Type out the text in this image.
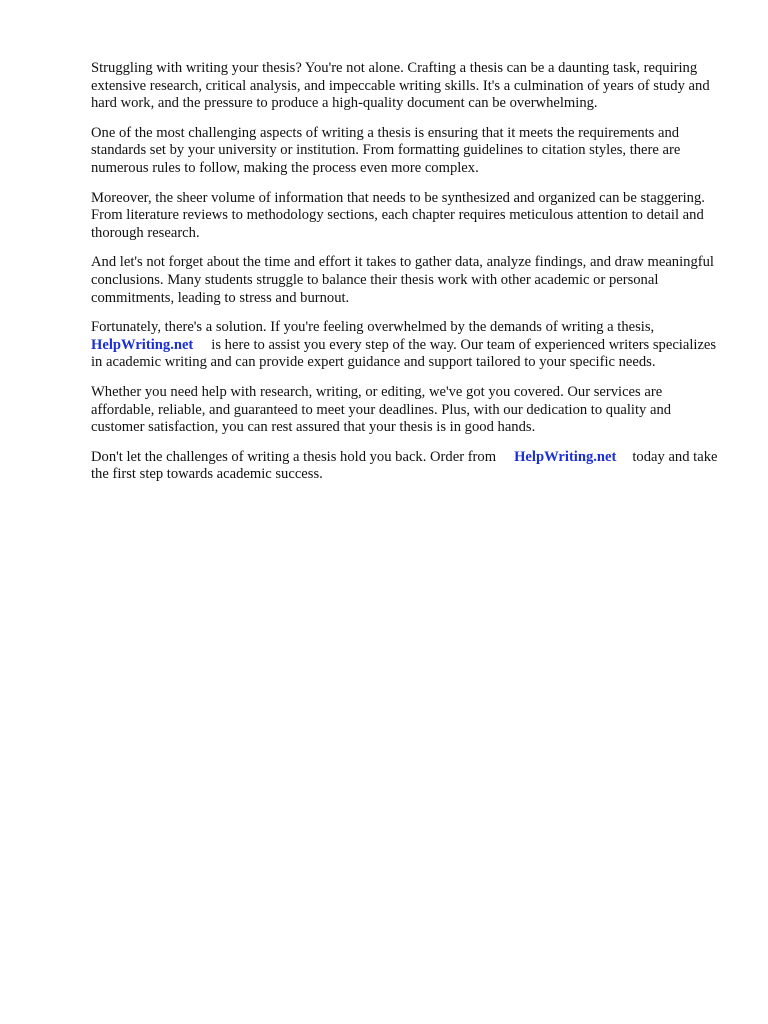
Struggling with writing your thesis? You're not alone. Crafting a thesis can be a daunting task, requiring extensive research, critical analysis, and impeccable writing skills. It's a culmination of years of study and hard work, and the pressure to produce a high-quality document can be overwhelming.

One of the most challenging aspects of writing a thesis is ensuring that it meets the requirements and standards set by your university or institution. From formatting guidelines to citation styles, there are numerous rules to follow, making the process even more complex.

Moreover, the sheer volume of information that needs to be synthesized and organized can be staggering. From literature reviews to methodology sections, each chapter requires meticulous attention to detail and thorough research.

And let's not forget about the time and effort it takes to gather data, analyze findings, and draw meaningful conclusions. Many students struggle to balance their thesis work with other academic or personal commitments, leading to stress and burnout.

Fortunately, there's a solution. If you're feeling overwhelmed by the demands of writing a thesis,
HelpWriting.net is here to assist you every step of the way. Our team of experienced writers specializes in academic writing and can provide expert guidance and support tailored to your specific needs.

Whether you need help with research, writing, or editing, we've got you covered. Our services are affordable, reliable, and guaranteed to meet your deadlines. Plus, with our dedication to quality and customer satisfaction, you can rest assured that your thesis is in good hands.

Don't let the challenges of writing a thesis hold you back. Order from HelpWriting.net today and take the first step towards academic success.
